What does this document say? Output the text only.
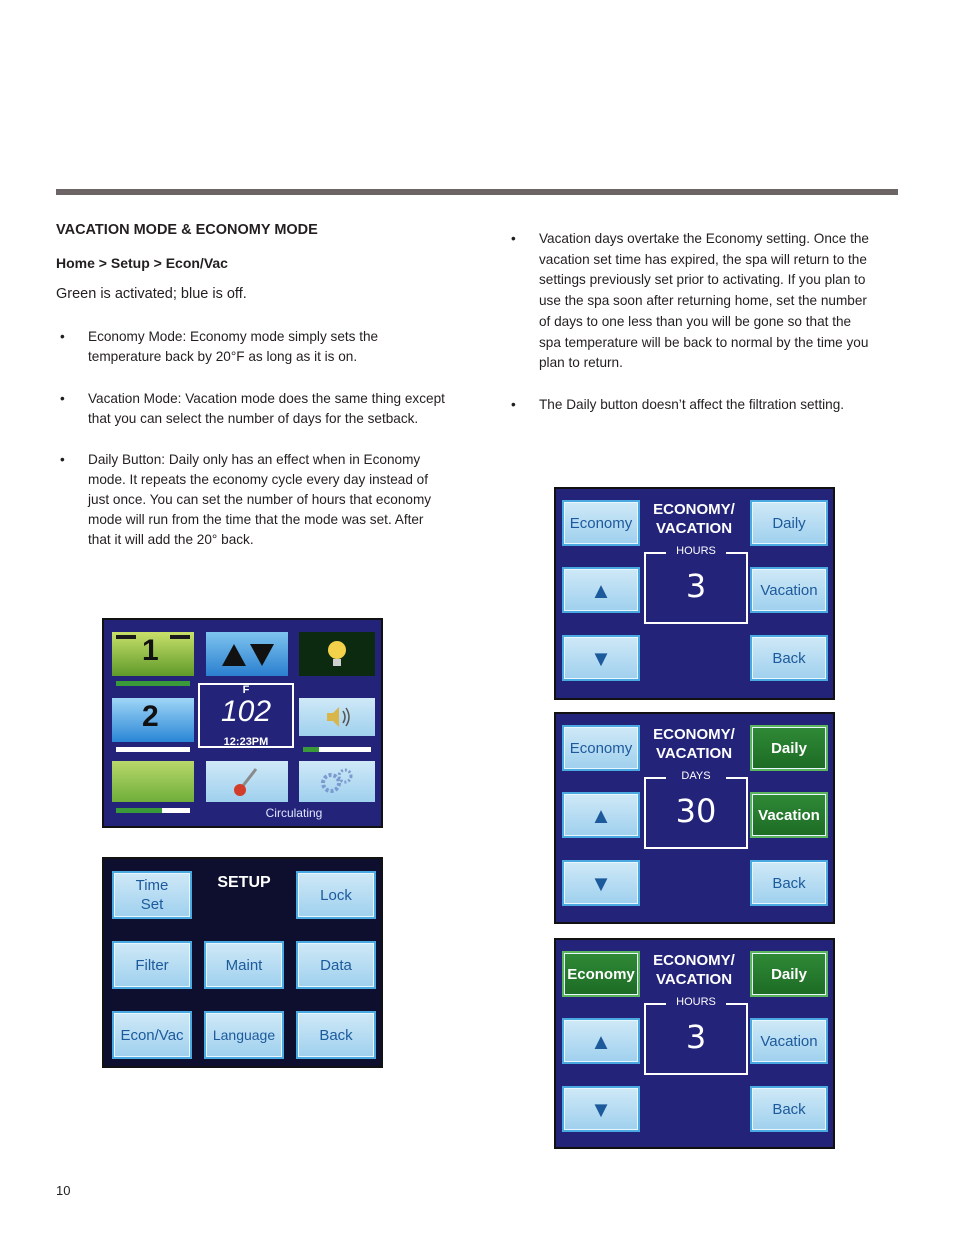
VACATION MODE & ECONOMY MODE
Home > Setup > Econ/Vac
Green is activated; blue is off.
• Economy Mode: Economy mode simply sets the
temperature back by 20°F as long as it is on.
• Vacation Mode: Vacation mode does the same thing except
that you can select the number of days for the setback.
• Daily Button: Daily only has an effect when in Economy
mode. It repeats the economy cycle every day instead of
just once. You can set the number of hours that economy
mode will run from the time that the mode was set. After
that it will add the 20° back.
• Vacation days overtake the Economy setting. Once the
vacation set time has expired, the spa will return to the
settings previously set prior to activating. If you plan to
use the spa soon after returning home, set the number
of days to one less than you will be gone so that the
spa temperature will be back to normal by the time you
plan to return.
• The Daily button doesn’t affect the filtration setting.
1
2
F
102
12:23PM
Circulating
Time
Set
SETUP
Lock
Filter	Maint	Data
Econ/Vac	Language	Back
Economy
ECONOMY/
VACATION	Daily
HOURS
3
▲	Vacation
▼	Back
Economy
ECONOMY/
VACATION	Daily
DAYS
30
▲	Vacation
▼	Back
Economy
ECONOMY/
VACATION	Daily
HOURS
3
▲	Vacation
▼	Back
10
